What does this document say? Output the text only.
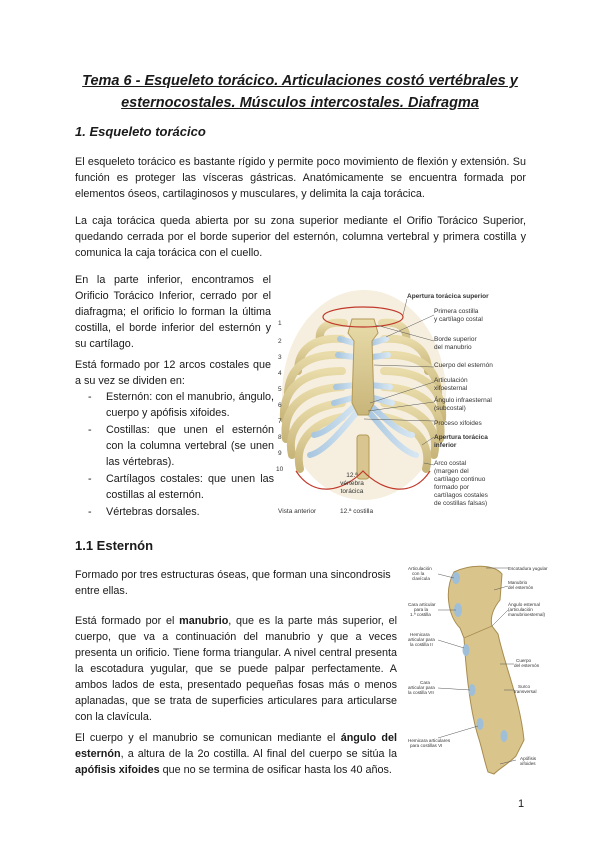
Tema 6 - Esqueleto torácico. Articulaciones costó vertébrales y
esternocostales. Músculos intercostales. Diafragma
1. Esqueleto torácico

El esqueleto torácico es bastante rígido y permite poco movimiento de flexión y extensión. Su función es proteger las vísceras gástricas. Anatómicamente se encuentra formada por elementos óseos, cartilaginosos y musculares, y delimita la caja torácica.

La caja torácica queda abierta por su zona superior mediante el Orifio Torácico Superior, quedando cerrada por el borde superior del esternón, columna vertebral y primera costilla y comunica la caja torácica con el cuello.

En la parte inferior, encontramos el Orificio Torácico Inferior, cerrado por el diafragma; el orificio lo forman la última costilla, el borde inferior del esternón y su cartílago.

Está formado por 12 arcos costales que a su vez se dividen en:

- Esternón: con el manubrio, ángulo, cuerpo y apófisis xifoides.
- Costillas: que unen el esternón con la columna vertebral (se unen las vértebras).
- Cartílagos costales: que unen las costillas al esternón.
- Vértebras dorsales.
1
2
3
4
5
6
7
8
9
10
Apertura torácica superior
Primera costilla
y cartílago costal
Borde superior
del manubrio
Cuerpo del esternón
Articulación
xifoesternal
Ángulo infraesternal
(subcostal)
Proceso xifoides
Apertura torácica
inferior
Arco costal
(margen del
cartílago continuo
formado por
cartílagos costales
de costillas falsas)
12.ª
vértebra
torácica
Vista anterior	12.ª costilla
1.1 Esternón

Formado por tres estructuras óseas, que forman una sincondrosis entre ellas.

Está formado por el manubrio, que es la parte más superior, el cuerpo, que va a continuación del manubrio y que a veces presenta un orificio. Tiene forma triangular. A nivel central presenta la escotadura yugular, que se puede palpar perfectamente. A ambos lados de esta, presentado pequeñas fosas más o menos aplanadas, que se trata de superficies articulares para articularse con la clavícula.

El cuerpo y el manubrio se comunican mediante el ángulo del esternón, a altura de la 2o costilla. Al final del cuerpo se sitúa la apófisis xifoides que no se termina de osificar hasta los 40 años.

Articulación
con la
clavícula
Cara articular
para la
1.ª costilla
Hemicara
articular para
la costilla II
Cara
articular para
la costilla VII
Hemicara articulares
para costillas VI
Escotadura yugular
Manubrio
del esternón
Ángulo esternal
(articulación
manubrioesternal)
Cuerpo
del esternón
Surco
transversal
Apófisis
xifoides
1
